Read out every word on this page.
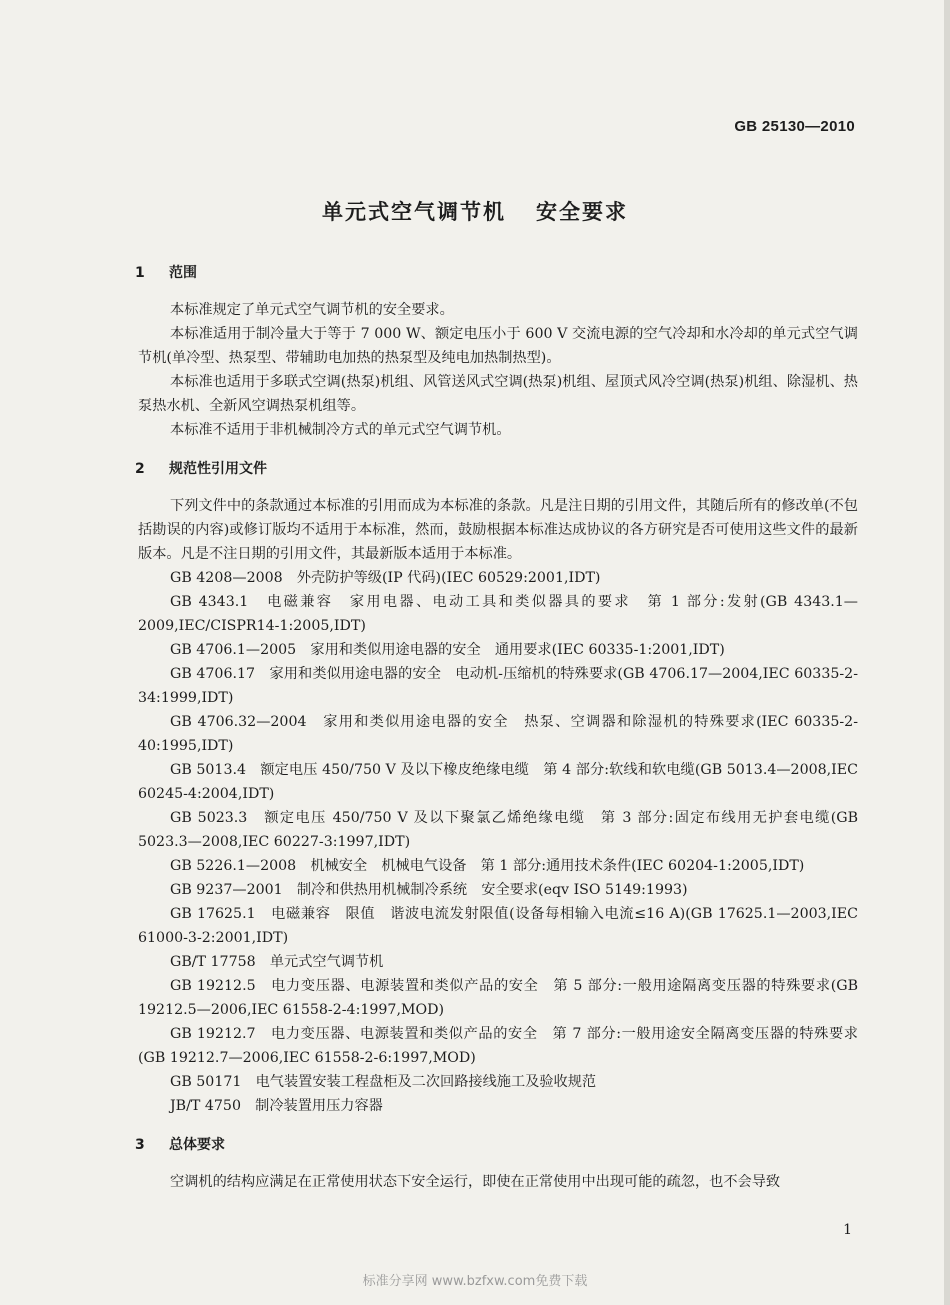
GB 25130—2010
单元式空气调节机 安全要求
1 范围

本标准规定了单元式空气调节机的安全要求。

本标准适用于制冷量大于等于 7 000 W、额定电压小于 600 V 交流电源的空气冷却和水冷却的单元式空气调节机(单冷型、热泵型、带辅助电加热的热泵型及纯电加热制热型)。

本标准也适用于多联式空调(热泵)机组、风管送风式空调(热泵)机组、屋顶式风冷空调(热泵)机组、除湿机、热泵热水机、全新风空调热泵机组等。

本标准不适用于非机械制冷方式的单元式空气调节机。

2 规范性引用文件

下列文件中的条款通过本标准的引用而成为本标准的条款。凡是注日期的引用文件，其随后所有的修改单(不包括勘误的内容)或修订版均不适用于本标准，然而，鼓励根据本标准达成协议的各方研究是否可使用这些文件的最新版本。凡是不注日期的引用文件，其最新版本适用于本标准。

GB 4208—2008　外壳防护等级(IP 代码)(IEC 60529:2001,IDT)

GB 4343.1　电磁兼容　家用电器、电动工具和类似器具的要求　第 1 部分:发射(GB 4343.1—2009,IEC/CISPR14-1:2005,IDT)

GB 4706.1—2005　家用和类似用途电器的安全　通用要求(IEC 60335-1:2001,IDT)

GB 4706.17　家用和类似用途电器的安全　电动机-压缩机的特殊要求(GB 4706.17—2004,IEC 60335-2-34:1999,IDT)

GB 4706.32—2004　家用和类似用途电器的安全　热泵、空调器和除湿机的特殊要求(IEC 60335-2-40:1995,IDT)

GB 5013.4　额定电压 450/750 V 及以下橡皮绝缘电缆　第 4 部分:软线和软电缆(GB 5013.4—2008,IEC 60245-4:2004,IDT)

GB 5023.3　额定电压 450/750 V 及以下聚氯乙烯绝缘电缆　第 3 部分:固定布线用无护套电缆(GB 5023.3—2008,IEC 60227-3:1997,IDT)

GB 5226.1—2008　机械安全　机械电气设备　第 1 部分:通用技术条件(IEC 60204-1:2005,IDT)

GB 9237—2001　制冷和供热用机械制冷系统　安全要求(eqv ISO 5149:1993)

GB 17625.1　电磁兼容　限值　谐波电流发射限值(设备每相输入电流≤16 A)(GB 17625.1—2003,IEC 61000-3-2:2001,IDT)

GB/T 17758　单元式空气调节机

GB 19212.5　电力变压器、电源装置和类似产品的安全　第 5 部分:一般用途隔离变压器的特殊要求(GB 19212.5—2006,IEC 61558-2-4:1997,MOD)

GB 19212.7　电力变压器、电源装置和类似产品的安全　第 7 部分:一般用途安全隔离变压器的特殊要求(GB 19212.7—2006,IEC 61558-2-6:1997,MOD)

GB 50171　电气装置安装工程盘柜及二次回路接线施工及验收规范

JB/T 4750　制冷装置用压力容器

3 总体要求

空调机的结构应满足在正常使用状态下安全运行，即使在正常使用中出现可能的疏忽，也不会导致

1
标准分享网 www.bzfxw.com免费下载
